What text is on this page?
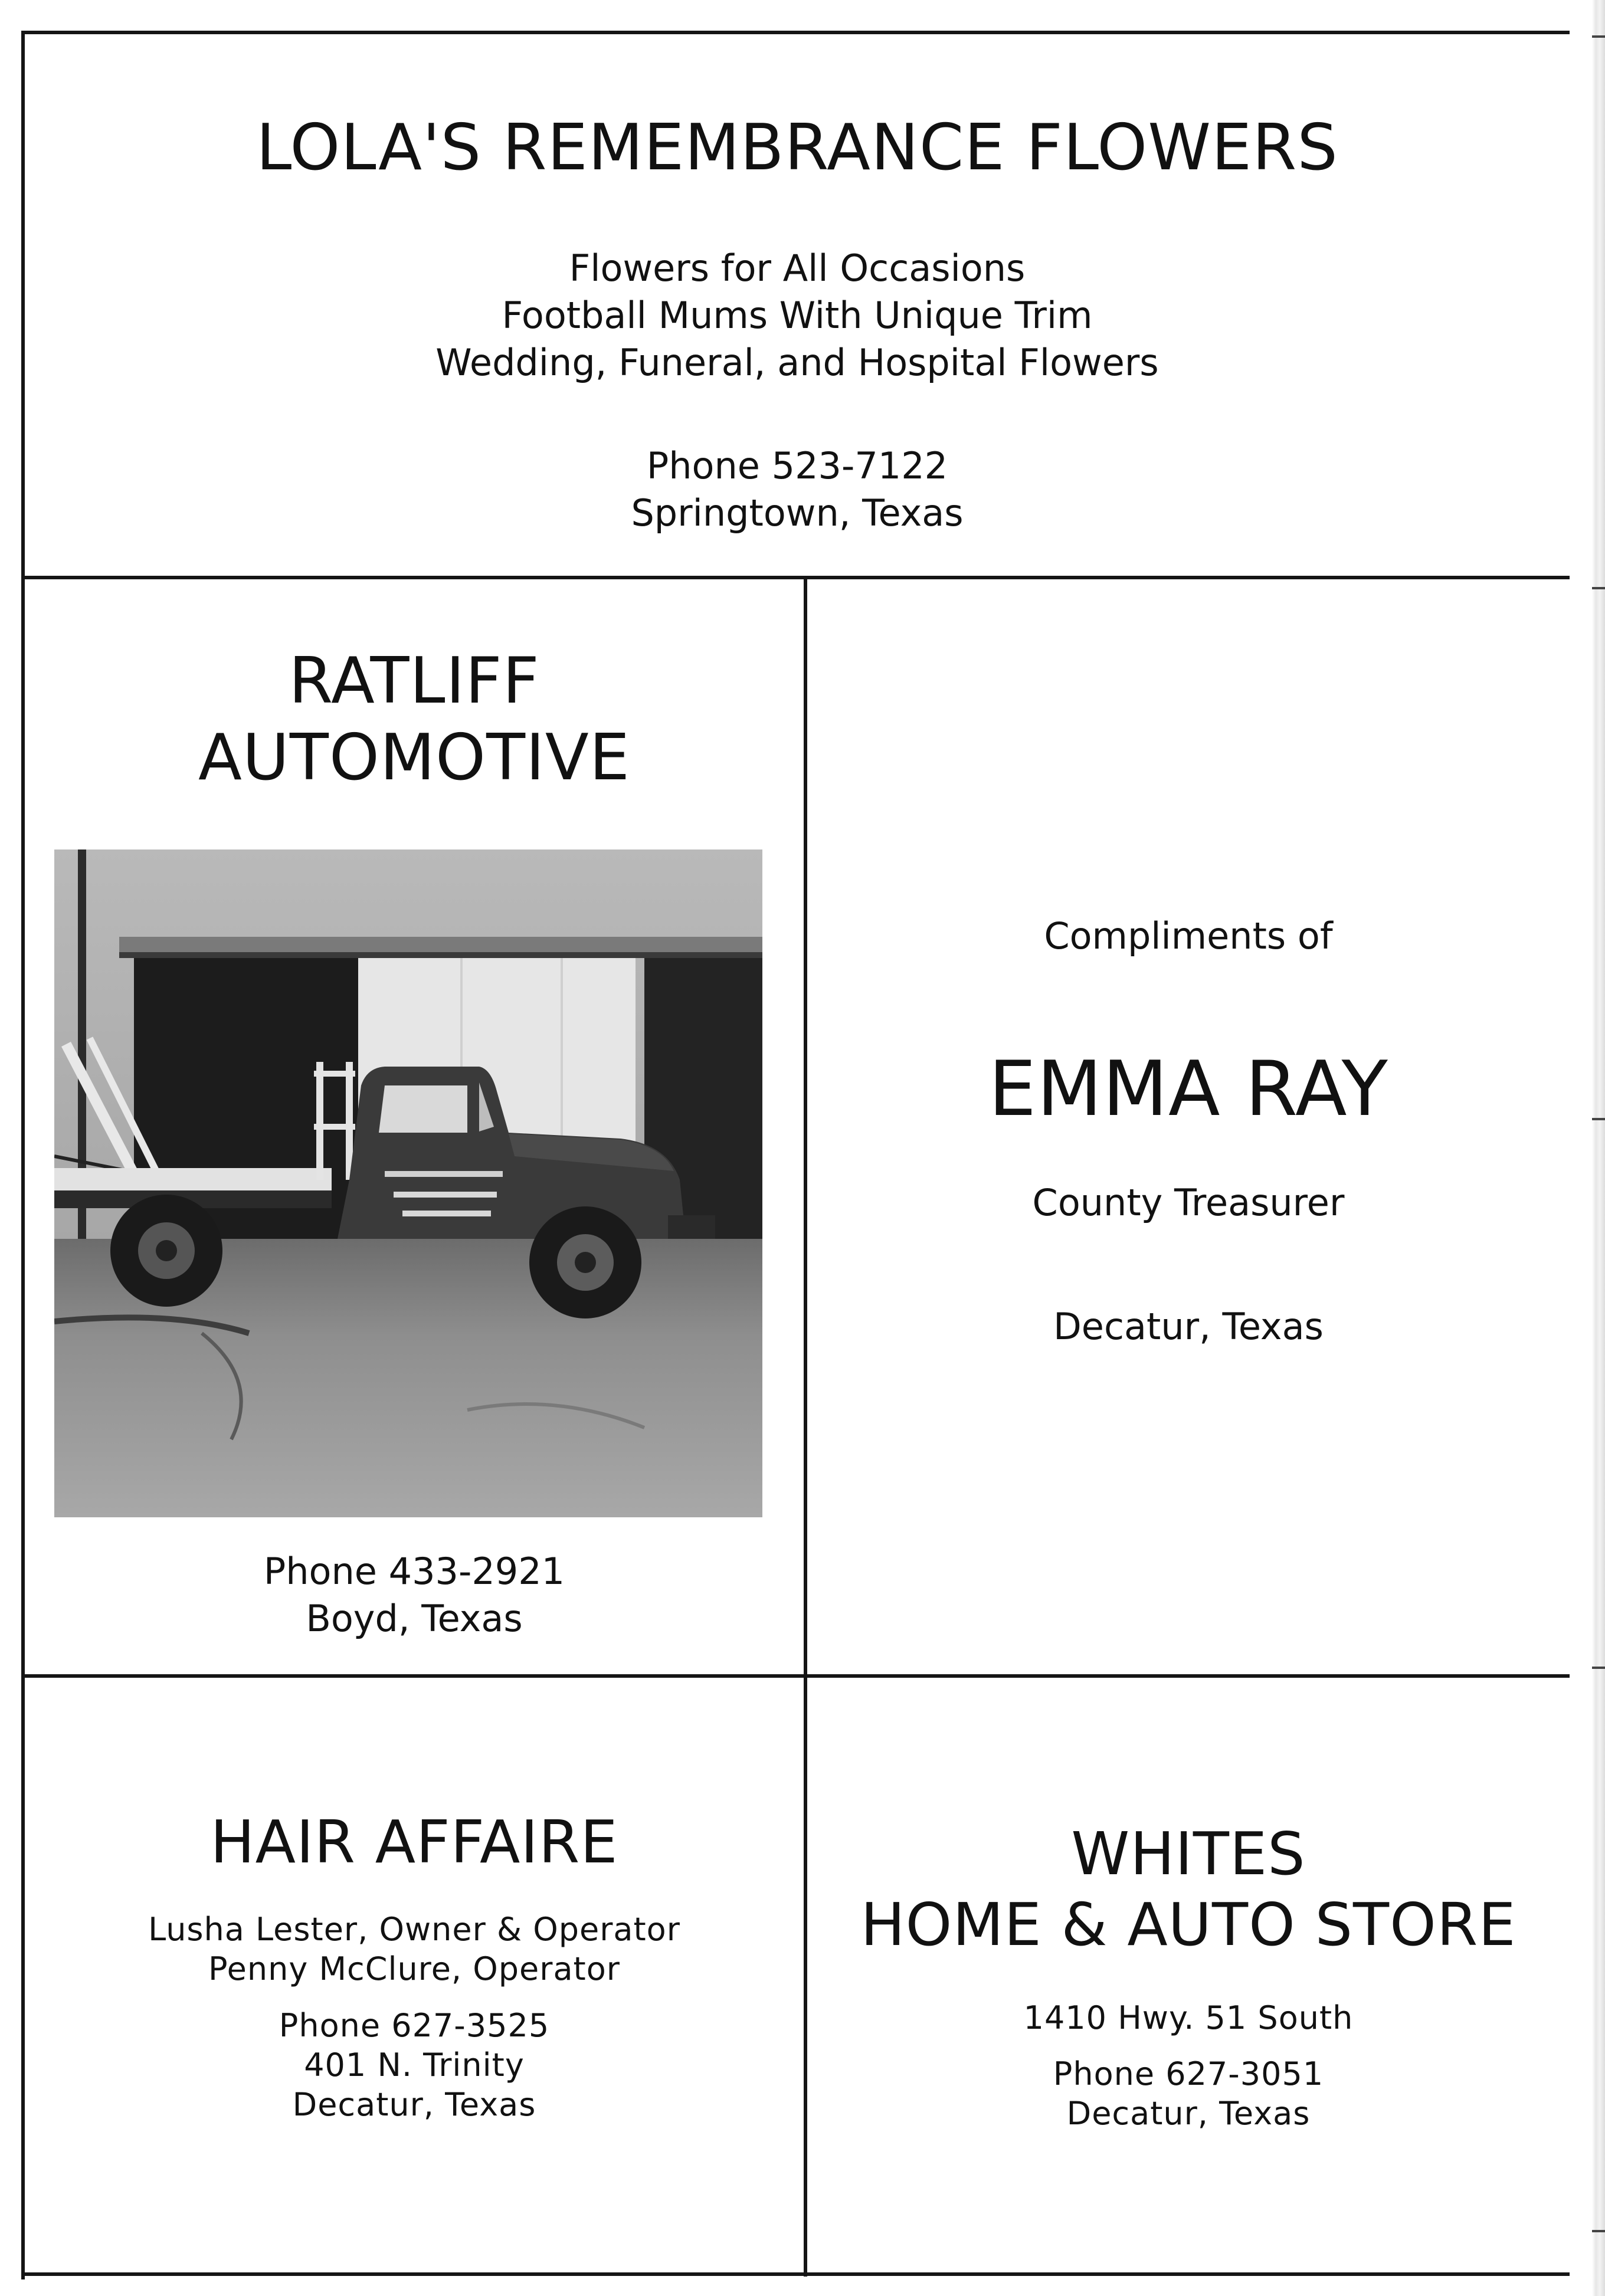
LOLA'S REMEMBRANCE FLOWERS
Flowers for All Occasions
Football Mums With Unique Trim
Wedding, Funeral, and Hospital Flowers
Phone 523-7122
Springtown, Texas
RATLIFF
AUTOMOTIVE
Phone 433-2921
Boyd, Texas
Compliments of
EMMA RAY
County Treasurer
Decatur, Texas
HAIR AFFAIRE
Lusha Lester, Owner & Operator
Penny McClure, Operator
Phone 627-3525
401 N. Trinity
Decatur, Texas
WHITES
HOME & AUTO STORE
1410 Hwy. 51 South
Phone 627-3051
Decatur, Texas
